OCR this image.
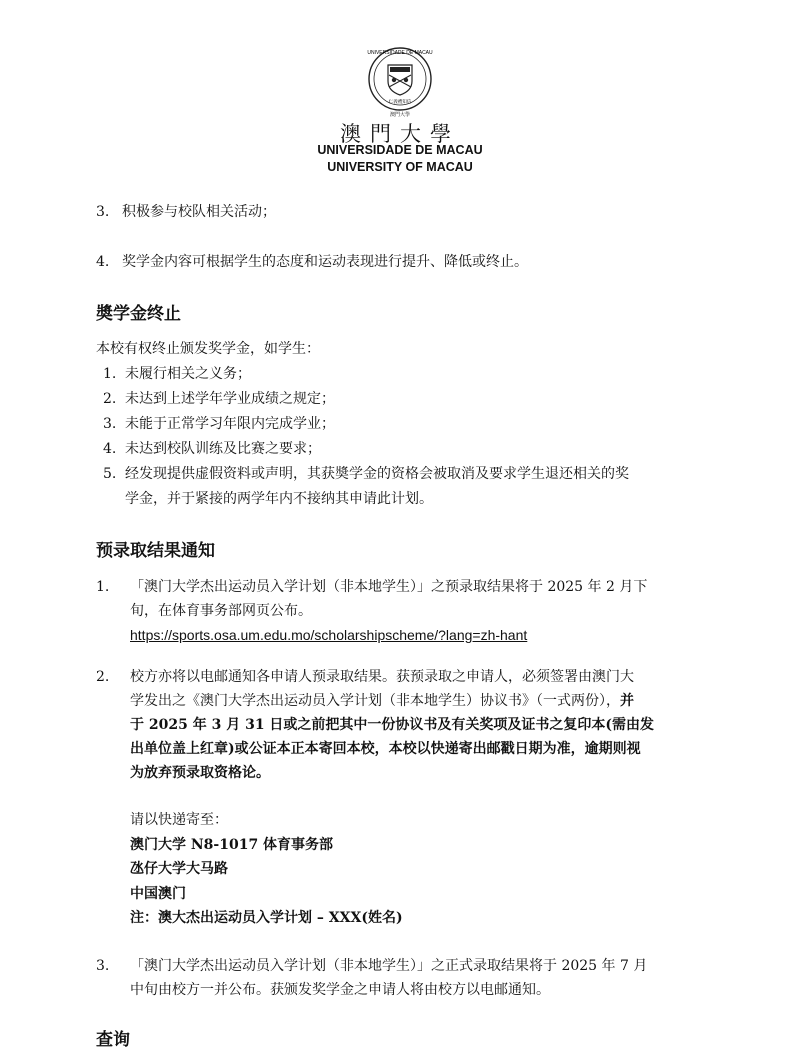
UNIVERSIDADE DE MACAU
仁義禮知信
澳門大學
澳門大學
UNIVERSIDADE DE MACAU
UNIVERSITY OF MACAU
3. 积极参与校队相关活动；
4. 奖学金内容可根据学生的态度和运动表现进行提升、降低或终止。
奬学金终止
本校有权终止颁发奖学金，如学生：
1. 未履行相关之义务；
2. 未达到上述学年学业成绩之规定；
3. 未能于正常学习年限内完成学业；
4. 未达到校队训练及比赛之要求；
5. 经发现提供虚假资料或声明，其获奬学金的资格会被取消及要求学生退还相关的奖
学金，并于紧接的两学年内不接纳其申请此计划。
预录取结果通知
1. 「澳门大学杰出运动员入学计划（非本地学生）」之预录取结果将于 2025 年 2 月下
旬，在体育事务部网页公布。
https://sports.osa.um.edu.mo/scholarshipscheme/?lang=zh-hant
2. 校方亦将以电邮通知各申请人预录取结果。获预录取之申请人，必须签署由澳门大
学发出之《澳门大学杰出运动员入学计划（非本地学生）协议书》（一式两份），并
于 2025 年 3 月 31 日或之前把其中一份协议书及有关奖项及证书之复印本(需由发
出单位盖上红章)或公证本正本寄回本校，本校以快递寄出邮戳日期为准，逾期则视
为放弃预录取资格论。
请以快递寄至：
澳门大学 N8-1017 体育事务部
氹仔大学大马路
中国澳门
注：澳大杰出运动员入学计划 – XXX(姓名)
3. 「澳门大学杰出运动员入学计划（非本地学生）」之正式录取结果将于 2025 年 7 月
中旬由校方一并公布。获颁发奖学金之申请人将由校方以电邮通知。
查询
